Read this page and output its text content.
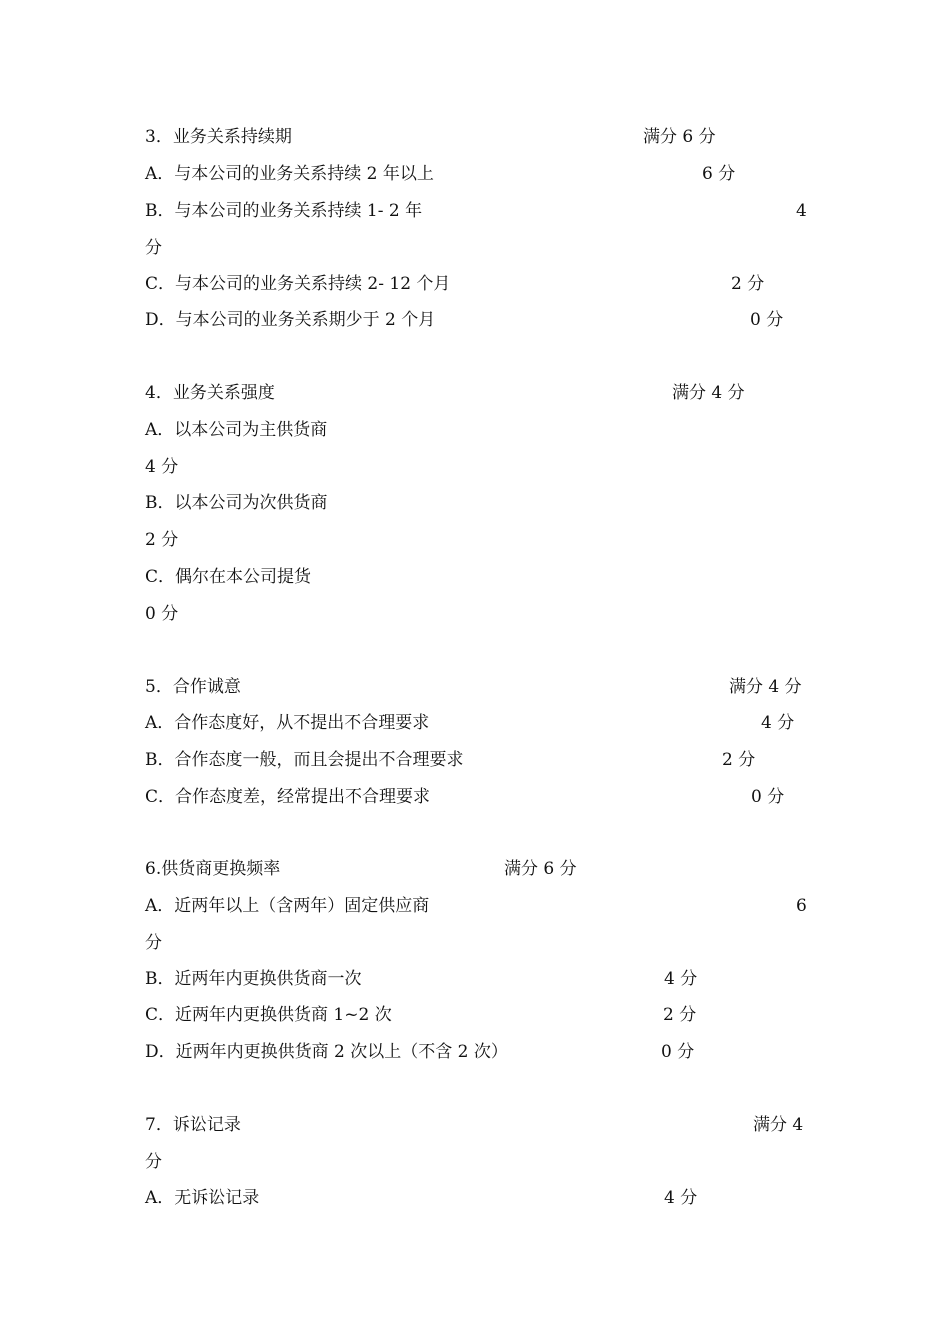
3．业务关系持续期	满分 6 分
A．与本公司的业务关系持续 2 年以上	6 分
B．与本公司的业务关系持续 1- 2 年	4
分
C．与本公司的业务关系持续 2- 12 个月	2 分
D．与本公司的业务关系期少于 2 个月	0 分
4．业务关系强度	满分 4 分
A．以本公司为主供货商
4 分
B．以本公司为次供货商
2 分
C．偶尔在本公司提货
0 分
5．合作诚意	满分 4 分
A．合作态度好，从不提出不合理要求	4 分
B．合作态度一般，而且会提出不合理要求	2 分
C．合作态度差，经常提出不合理要求	0 分
6.供货商更换频率	满分 6 分
A．近两年以上（含两年）固定供应商	6
分
B．近两年内更换供货商一次	4 分
C．近两年内更换供货商 1~2 次	2 分
D．近两年内更换供货商 2 次以上（不含 2 次）	0 分
7．诉讼记录	满分 4
分
A．无诉讼记录	4 分
